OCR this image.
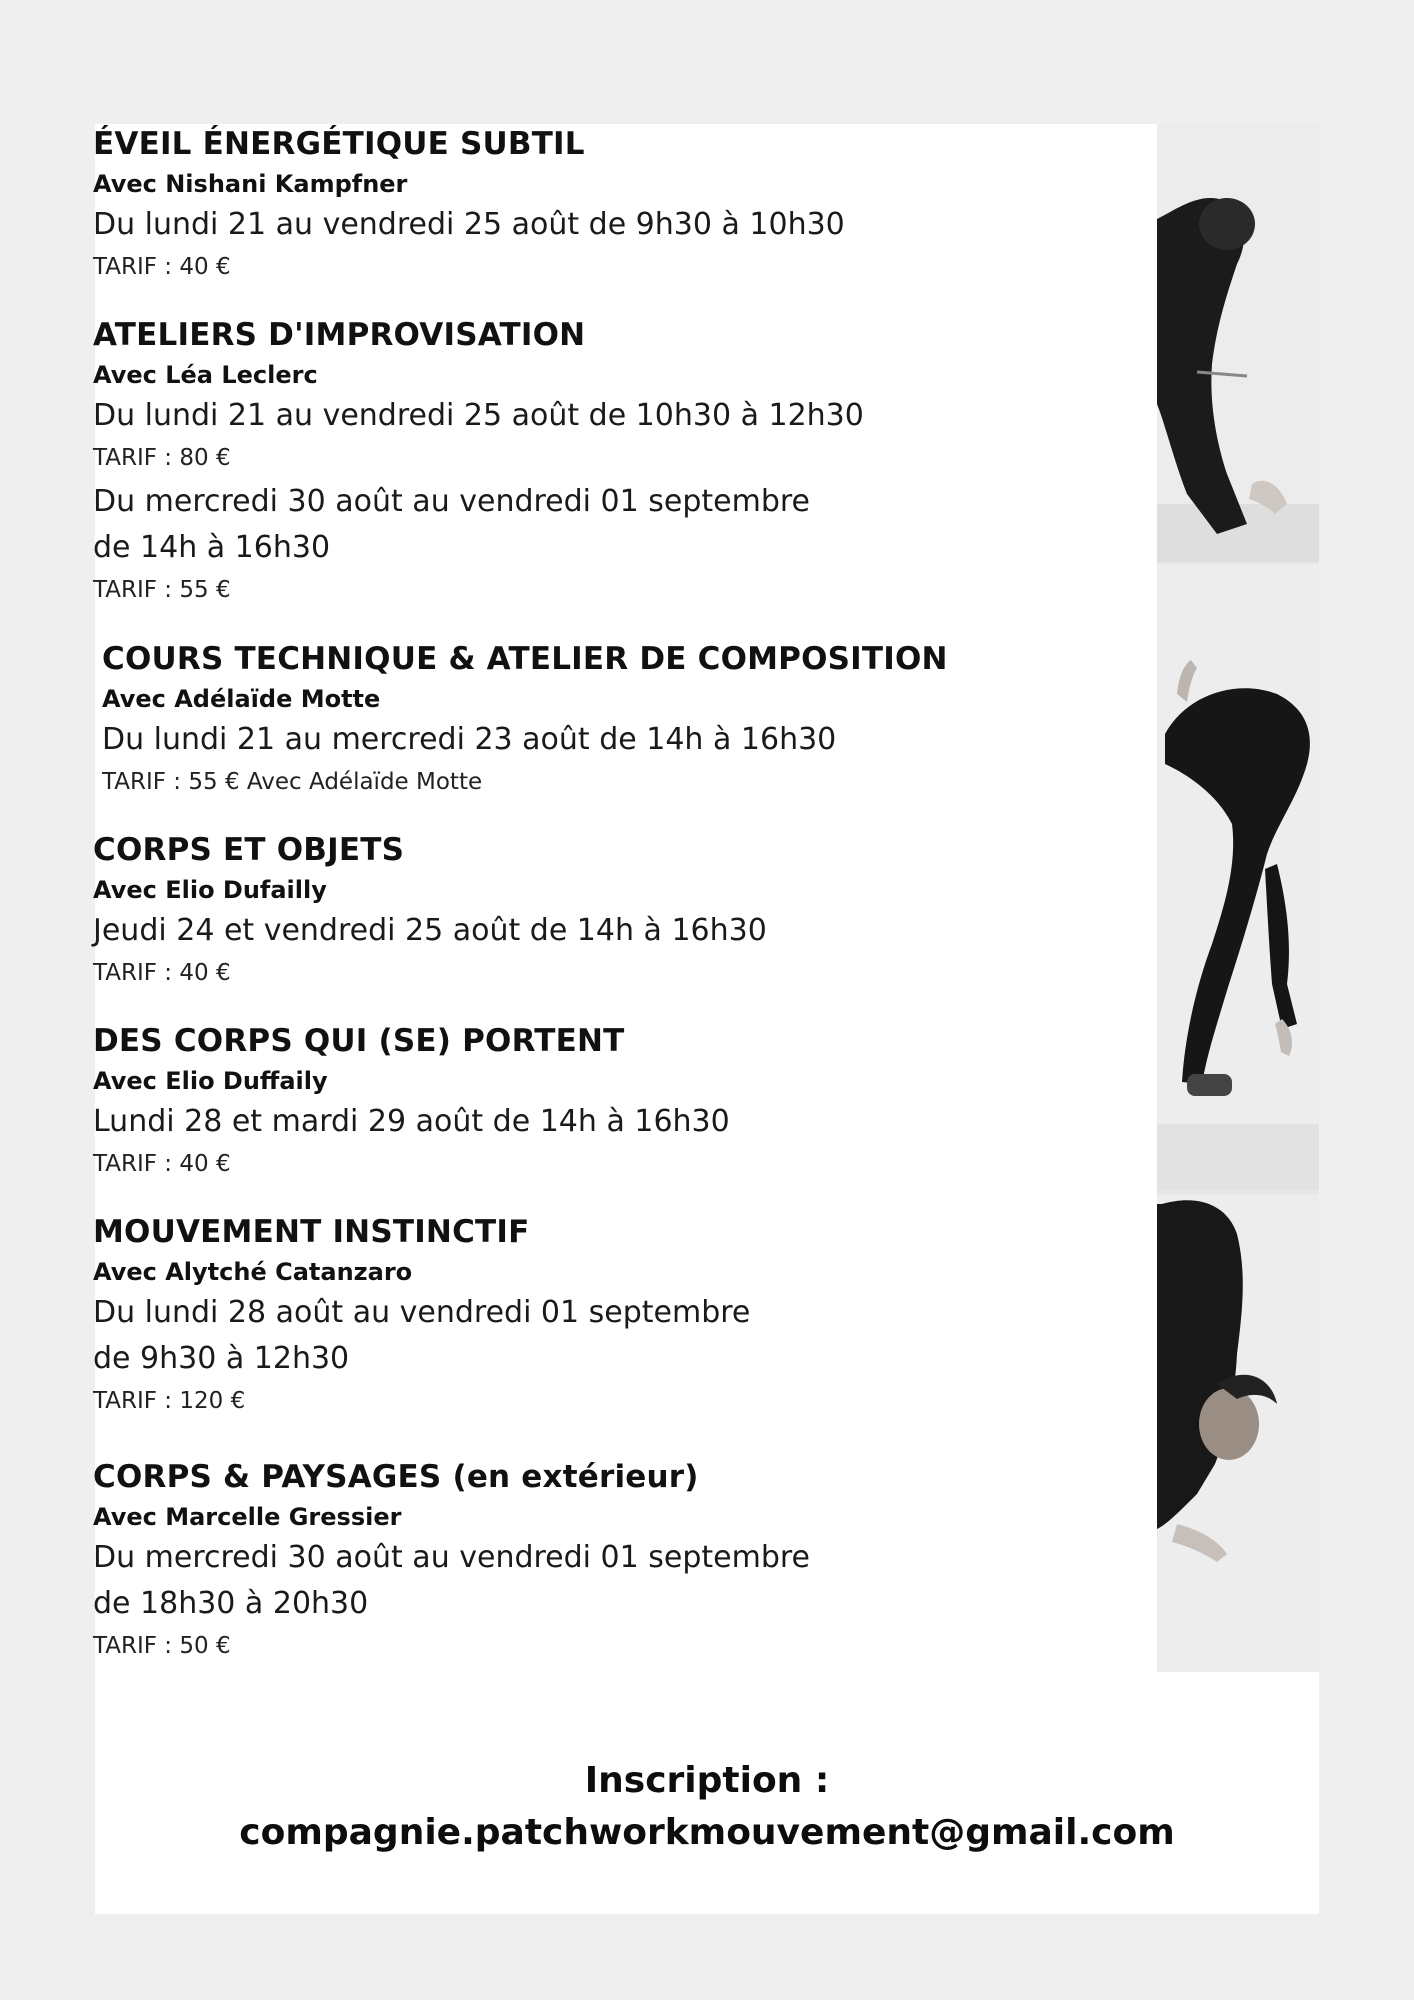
ÉVEIL ÉNERGÉTIQUE SUBTIL
Avec Nishani Kampfner
Du lundi 21 au vendredi 25 août de 9h30 à 10h30
TARIF : 40 €
ATELIERS D'IMPROVISATION
Avec Léa Leclerc
Du lundi 21 au vendredi 25 août de 10h30 à 12h30
TARIF : 80 €
Du mercredi 30 août au vendredi 01 septembre
de 14h à 16h30
TARIF : 55 €
COURS TECHNIQUE & ATELIER DE COMPOSITION
Avec Adélaïde Motte
Du lundi 21 au mercredi 23 août de 14h à 16h30
TARIF : 55 € Avec Adélaïde Motte
CORPS ET OBJETS
Avec Elio Dufailly
Jeudi 24 et vendredi 25 août de 14h à 16h30
TARIF : 40 €
DES CORPS QUI (SE) PORTENT
Avec Elio Duffaily
Lundi 28 et mardi 29 août de 14h à 16h30
TARIF : 40 €
MOUVEMENT INSTINCTIF
Avec Alytché Catanzaro
Du lundi 28 août au vendredi 01 septembre
de 9h30 à 12h30
TARIF : 120 €
CORPS & PAYSAGES (en extérieur)
Avec Marcelle Gressier
Du mercredi 30 août au vendredi 01 septembre
de 18h30 à 20h30
TARIF : 50 €
Inscription :
compagnie.patchworkmouvement@gmail.com
